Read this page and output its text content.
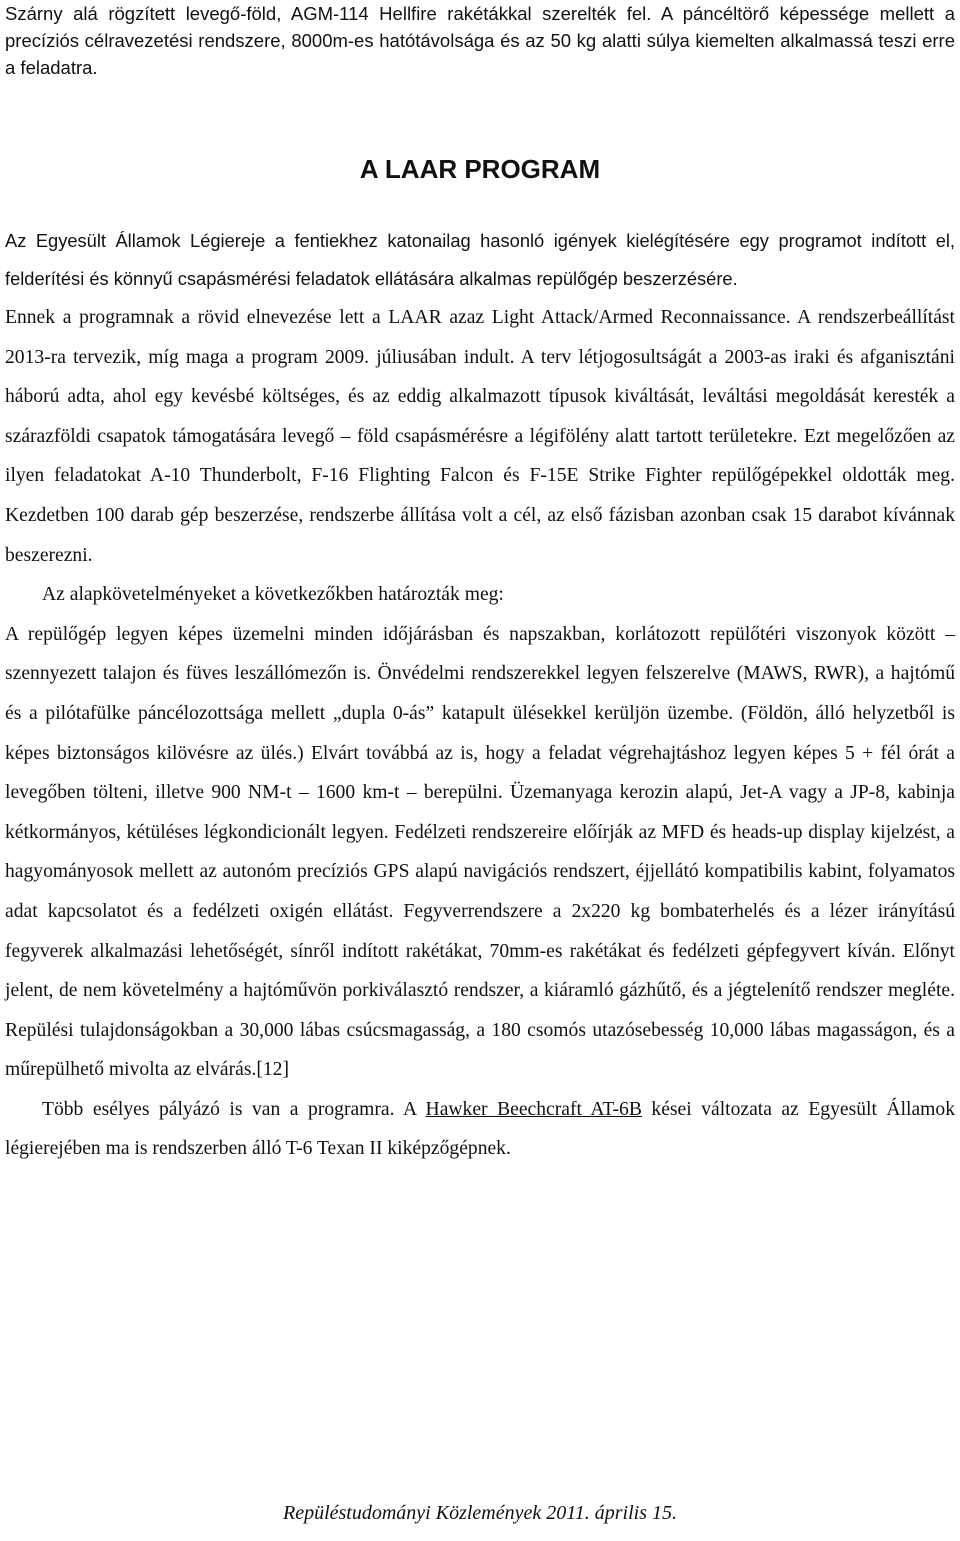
Szárny alá rögzített levegő-föld, AGM-114 Hellfire rakétákkal szerelték fel. A páncéltörő képessége mellett a precíziós célravezetési rendszere, 8000m-es hatótávolsága és az 50 kg alatti súlya kiemelten alkalmassá teszi erre a feladatra.

A LAAR PROGRAM

Az Egyesült Államok Légiereje a fentiekhez katonailag hasonló igények kielégítésére egy programot indított el, felderítési és könnyű csapásmérési feladatok ellátására alkalmas repülőgép beszerzésére.

Ennek a programnak a rövid elnevezése lett a LAAR azaz Light Attack/Armed Reconnaissance. A rendszerbeállítást 2013-ra tervezik, míg maga a program 2009. júliusában indult. A terv létjogosultságát a 2003-as iraki és afganisztáni háború adta, ahol egy kevésbé költséges, és az eddig alkalmazott típusok kiváltását, leváltási megoldását keresték a szárazföldi csapatok támogatására levegő – föld csapásmérésre a légifölény alatt tartott területekre. Ezt megelőzően az ilyen feladatokat A-10 Thunderbolt, F-16 Flighting Falcon és F-15E Strike Fighter repülőgépekkel oldották meg. Kezdetben 100 darab gép beszerzése, rendszerbe állítása volt a cél, az első fázisban azonban csak 15 darabot kívánnak beszerezni.

Az alapkövetelményeket a következőkben határozták meg:

A repülőgép legyen képes üzemelni minden időjárásban és napszakban, korlátozott repülőtéri viszonyok között – szennyezett talajon és füves leszállómezőn is. Önvédelmi rendszerekkel legyen felszerelve (MAWS, RWR), a hajtómű és a pilótafülke páncélozottsága mellett „dupla 0-ás” katapult ülésekkel kerüljön üzembe. (Földön, álló helyzetből is képes biztonságos kilövésre az ülés.) Elvárt továbbá az is, hogy a feladat végrehajtáshoz legyen képes 5 + fél órát a levegőben tölteni, illetve 900 NM-t – 1600 km-t – berepülni. Üzemanyaga kerozin alapú, Jet-A vagy a JP-8, kabinja kétkormányos, kétüléses légkondicionált legyen. Fedélzeti rendszereire előírják az MFD és heads-up display kijelzést, a hagyományosok mellett az autonóm precíziós GPS alapú navigációs rendszert, éjjellátó kompatibilis kabint, folyamatos adat kapcsolatot és a fedélzeti oxigén ellátást. Fegyverrendszere a 2x220 kg bombaterhelés és a lézer irányítású fegyverek alkalmazási lehetőségét, sínről indított rakétákat, 70mm-es rakétákat és fedélzeti gépfegyvert kíván. Előnyt jelent, de nem követelmény a hajtóművön porkiválasztó rendszer, a kiáramló gázhűtő, és a jégtelenítő rendszer megléte. Repülési tulajdonságokban a 30,000 lábas csúcsmagasság, a 180 csomós utazósebesség 10,000 lábas magasságon, és a műrepülhető mivolta az elvárás.[12]

Több esélyes pályázó is van a programra. A Hawker Beechcraft AT-6B kései változata az Egyesült Államok légierejében ma is rendszerben álló T-6 Texan II kiképzőgépnek.

Repüléstudományi Közlemények 2011. április 15.
